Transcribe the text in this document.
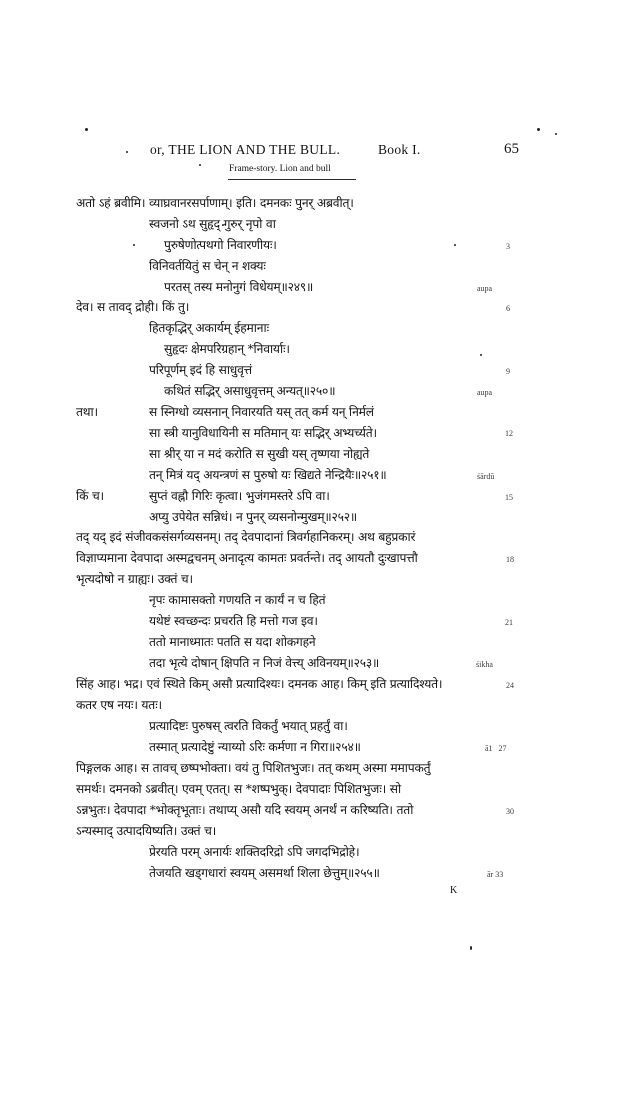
or, THE LION AND THE BULL.	Book I.	65
Frame-story. Lion and bull
अतो ऽहं ब्रवीमि। व्याघ्रवानरसर्पाणाम्। इति। दमनकः पुनर् अब्रवीत्।
स्वजनो ऽथ सुहृद् गुरुर् नृपो वा
पुरुषेणोत्पथगो निवारणीयः।	3
विनिवर्तयितुं स चेन् न शक्यः
परतस् तस्य मनोनुगं विधेयम्॥२४९॥	aupa
देव। स तावद् द्रोही। किं तु।	6
हितकृद्भिर् अकार्यम् ईहमानाः
सुहृदः क्षेमपरिग्रहान् *निवार्याः।
परिपूर्णम् इदं हि साधुवृत्तं	9
कथितं सद्भिर् असाधुवृत्तम् अन्यत्॥२५०॥	aupa
तथा।	स स्निग्धो व्यसनान् निवारयति यस् तत् कर्म यन् निर्मलं
12
सा स्त्री यानुविधायिनी स मतिमान् यः सद्भिर् अभ्यर्च्यते।
सा श्रीर् या न मदं करोति स सुखी यस् तृष्णया नोह्यते
तन् मित्रं यद् अयन्त्रणं स पुरुषो यः खिद्यते नेन्द्रियैः॥२५१॥	śārdū
किं च।	सुप्तं वह्नौ गिरिः कृत्वा। भुजंगमस्तरे ऽपि वा।	15
अप्यु उपेयेत सन्निधं। न पुनर् व्यसनोन्मुखम्॥२५२॥
तद् यद् इदं संजीवकसंसर्गव्यसनम्। तद् देवपादानां त्रिवर्गहानिकरम्। अथ बहुप्रकारं
विज्ञाप्यमाना देवपादा अस्मद्वचनम् अनादृत्य कामतः प्रवर्तन्ते। तद् आयतौ दुःखापत्तौ	18
भृत्यदोषो न ग्राह्यः। उक्तं च।
नृपः कामासक्तो गणयति न कार्यं न च हितं
यथेष्टं स्वच्छन्दः प्रचरति हि मत्तो गज इव।	21
ततो मानाध्मातः पतति स यदा शोकगहने
तदा भृत्ये दोषान् क्षिपति न निजं वेत्त्य् अविनयम्॥२५३॥	śikha
सिंह आह। भद्र। एवं स्थिते किम् असौ प्रत्यादिश्यः। दमनक आह। किम् इति प्रत्यादिश्यते।	24
कतर एष नयः। यतः।
प्रत्यादिष्टः पुरुषस् त्वरति विकर्तुं भयात् प्रहर्तुं वा।
तस्मात् प्रत्यादेष्टुं न्याय्यो ऽरिः कर्मणा न गिरा॥२५४॥	ā1   27
पिङ्गलक आह। स तावच् छष्पभोक्ता। वयं तु पिशितभुजः। तत् कथम् अस्मा ममापकर्तुं
समर्थः। दमनको ऽब्रवीत्। एवम् एतत्। स *शष्पभुक्। देवपादाः पिशितभुजः। सो
ऽन्नभुतः। देवपादा *भोक्तृभूताः। तथाप्य् असौ यदि स्वयम् अनर्थं न करिष्यति। ततो	30
ऽन्यस्माद् उत्पादयिष्यति। उक्तं च।
प्रेरयति परम् अनार्यः शक्तिदरिद्रो ऽपि जगदभिद्रोहे।
तेजयति खड्गधारां स्वयम् असमर्था शिला छेत्तुम्॥२५५॥	ār 33
K
